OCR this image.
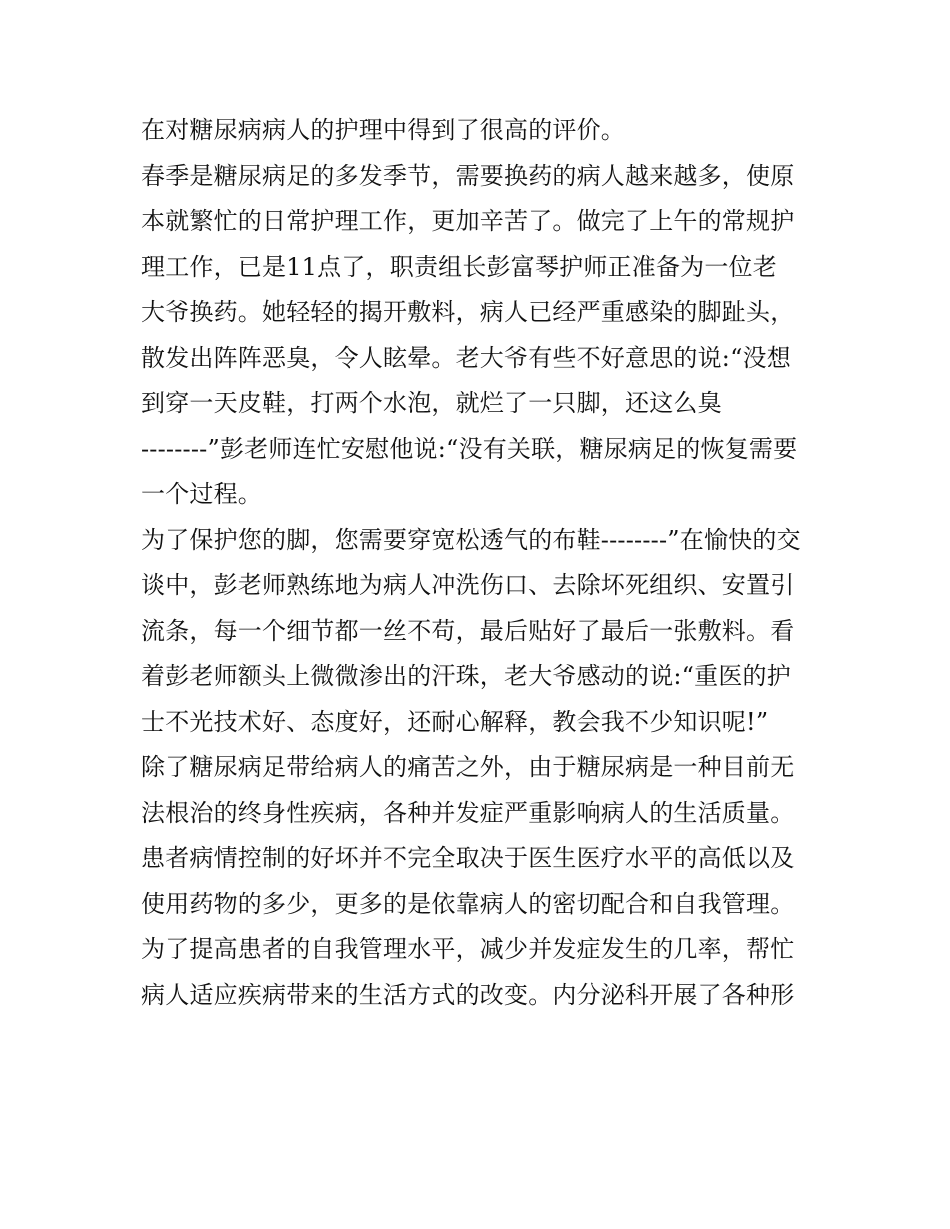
在对糖尿病病人的护理中得到了很高的评价。
春季是糖尿病足的多发季节，需要换药的病人越来越多，使原
本就繁忙的日常护理工作，更加辛苦了。做完了上午的常规护
理工作，已是11点了，职责组长彭富琴护师正准备为一位老
大爷换药。她轻轻的揭开敷料，病人已经严重感染的脚趾头，
散发出阵阵恶臭，令人眩晕。老大爷有些不好意思的说:“没想
到穿一天皮鞋，打两个水泡，就烂了一只脚，还这么臭
--------”彭老师连忙安慰他说:“没有关联，糖尿病足的恢复需要
一个过程。
为了保护您的脚，您需要穿宽松透气的布鞋--------”在愉快的交
谈中，彭老师熟练地为病人冲洗伤口、去除坏死组织、安置引
流条，每一个细节都一丝不苟，最后贴好了最后一张敷料。看
着彭老师额头上微微渗出的汗珠，老大爷感动的说:“重医的护
士不光技术好、态度好，还耐心解释，教会我不少知识呢!”
除了糖尿病足带给病人的痛苦之外，由于糖尿病是一种目前无
法根治的终身性疾病，各种并发症严重影响病人的生活质量。
患者病情控制的好坏并不完全取决于医生医疗水平的高低以及
使用药物的多少，更多的是依靠病人的密切配合和自我管理。
为了提高患者的自我管理水平，减少并发症发生的几率，帮忙
病人适应疾病带来的生活方式的改变。内分泌科开展了各种形
